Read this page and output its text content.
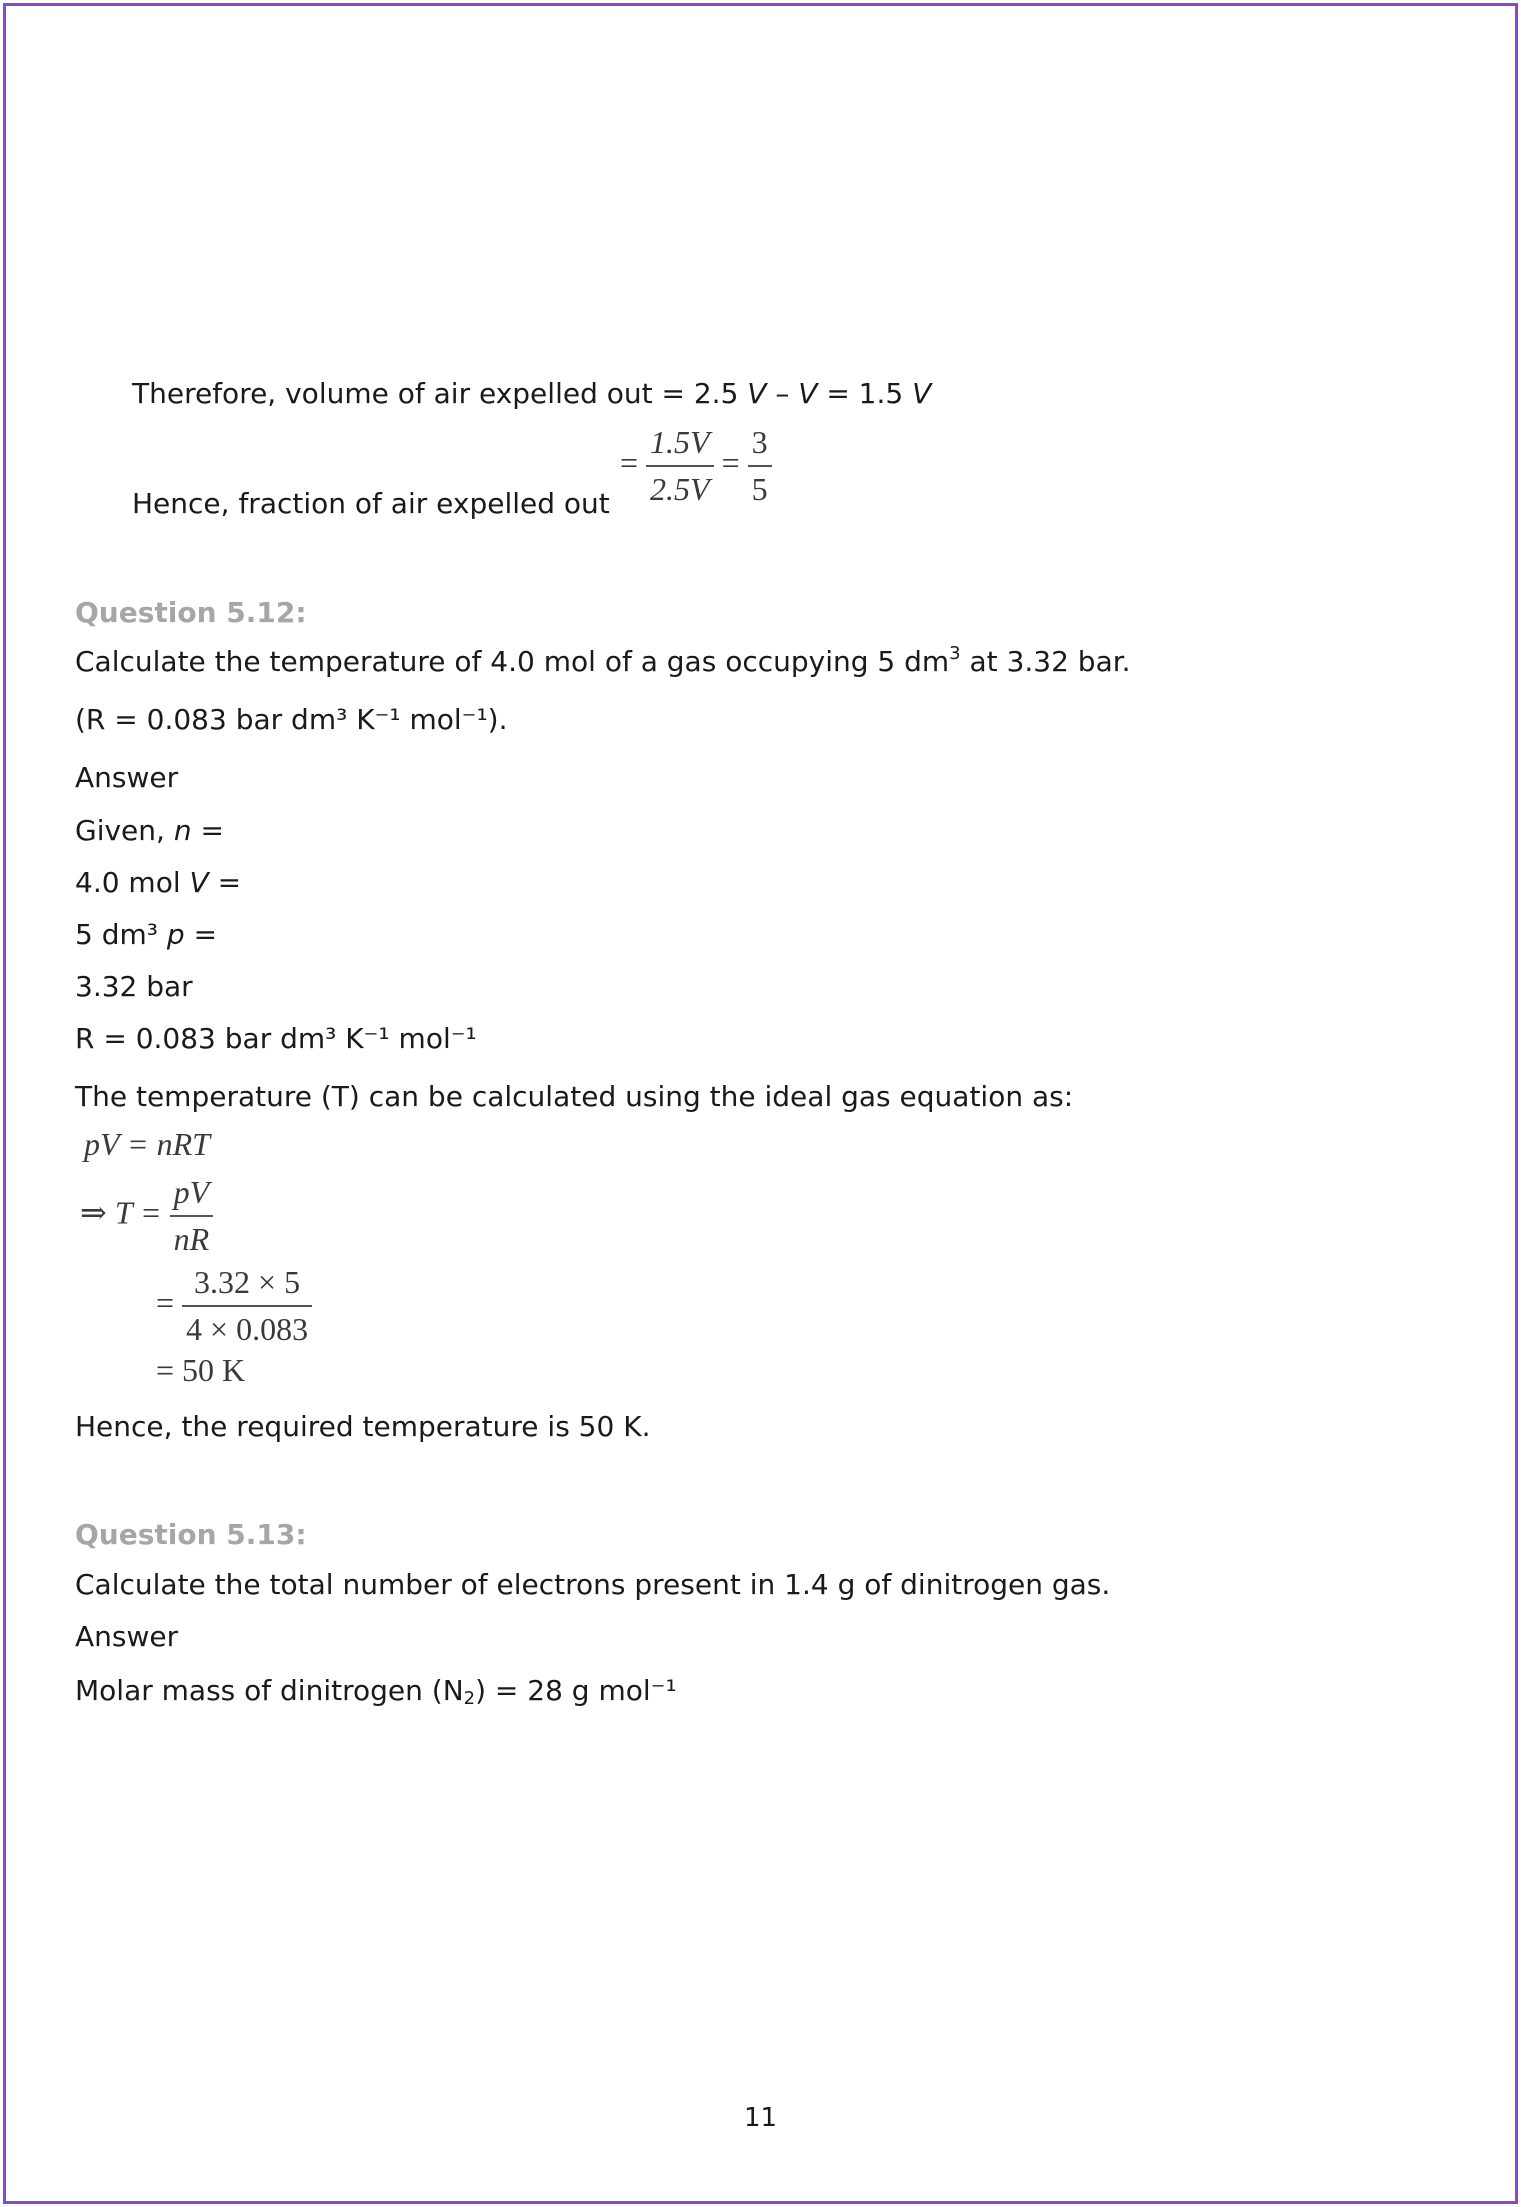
Therefore, volume of air expelled out = 2.5 V – V = 1.5 V
Hence, fraction of air expelled out
= $\frac{1.5V}{2.5V} = \frac{3}{5}$
Question 5.12:
Calculate the temperature of 4.0 mol of a gas occupying 5 $dm^3$ at 3.32 bar.
(R = 0.083 bar dm³ K⁻¹ mol⁻¹).
Answer
Given, n =
4.0 mol V =
5 dm³ p =
3.32 bar
R = 0.083 bar dm³ K⁻¹ mol⁻¹
The temperature (T) can be calculated using the ideal gas equation as:
pV = nRT
⇒ $T = \frac{pV}{nR}$
= $\frac{3.32 \times 5}{4 \times 0.083}$
= 50 K
Hence, the required temperature is 50 K.
Question 5.13:
Calculate the total number of electrons present in 1.4 g of dinitrogen gas.
Answer
Molar mass of dinitrogen $(N_2) = 28$ g mol⁻¹
11
